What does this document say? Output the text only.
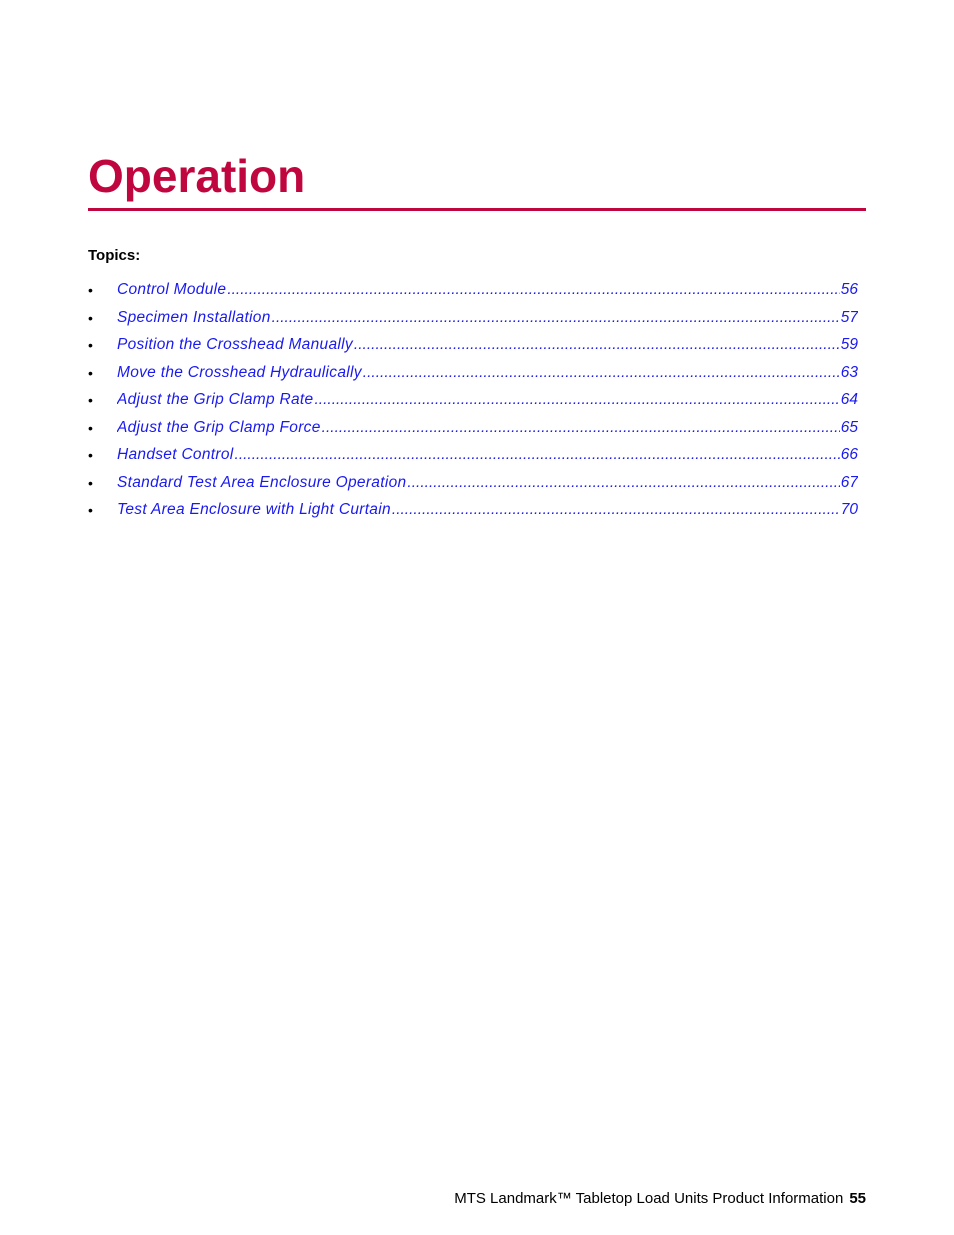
Operation
Topics:
•	Control Module .....	56
•	Specimen Installation .....	57
•	Position the Crosshead Manually .....	59
•	Move the Crosshead Hydraulically .....	63
•	Adjust the Grip Clamp Rate .....	64
•	Adjust the Grip Clamp Force .....	65
•	Handset Control .....	66
•	Standard Test Area Enclosure Operation .....	67
•	Test Area Enclosure with Light Curtain .....	70
MTS Landmark™ Tabletop Load Units Product Information 55
